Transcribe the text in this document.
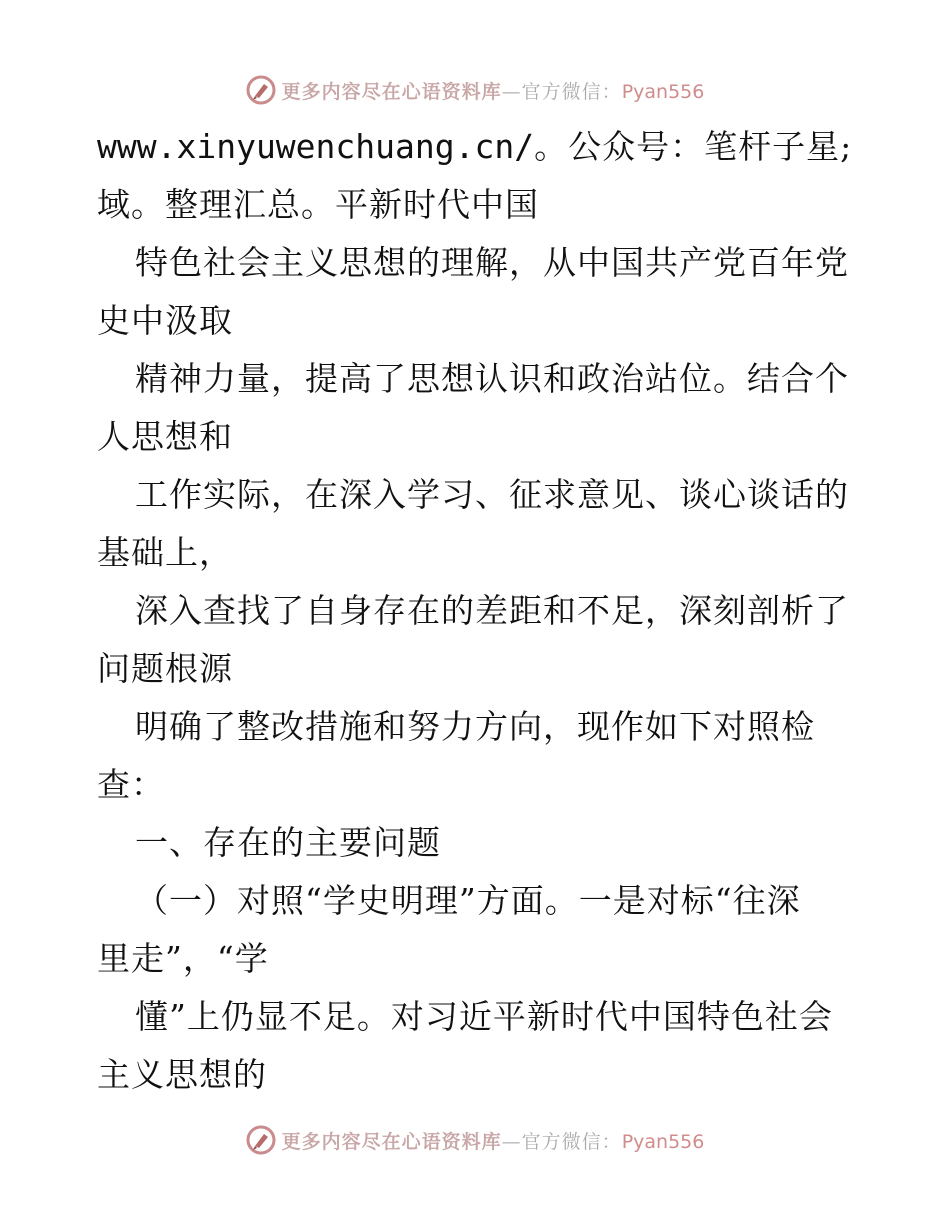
更多内容尽在心语资料库—官方微信：Pyan556
www.xinyuwenchuang.cn/。公众号：笔杆子星;
域。整理汇总。平新时代中国
特色社会主义思想的理解，从中国共产党百年党
史中汲取
精神力量，提高了思想认识和政治站位。结合个
人思想和
工作实际，在深入学习、征求意见、谈心谈话的
基础上，
深入查找了自身存在的差距和不足，深刻剖析了
问题根源
明确了整改措施和努力方向，现作如下对照检
查：
一、存在的主要问题
（一）对照“学史明理”方面。一是对标“往深
里走”，“学
懂”上仍显不足。对习近平新时代中国特色社会
主义思想的
更多内容尽在心语资料库—官方微信：Pyan556
